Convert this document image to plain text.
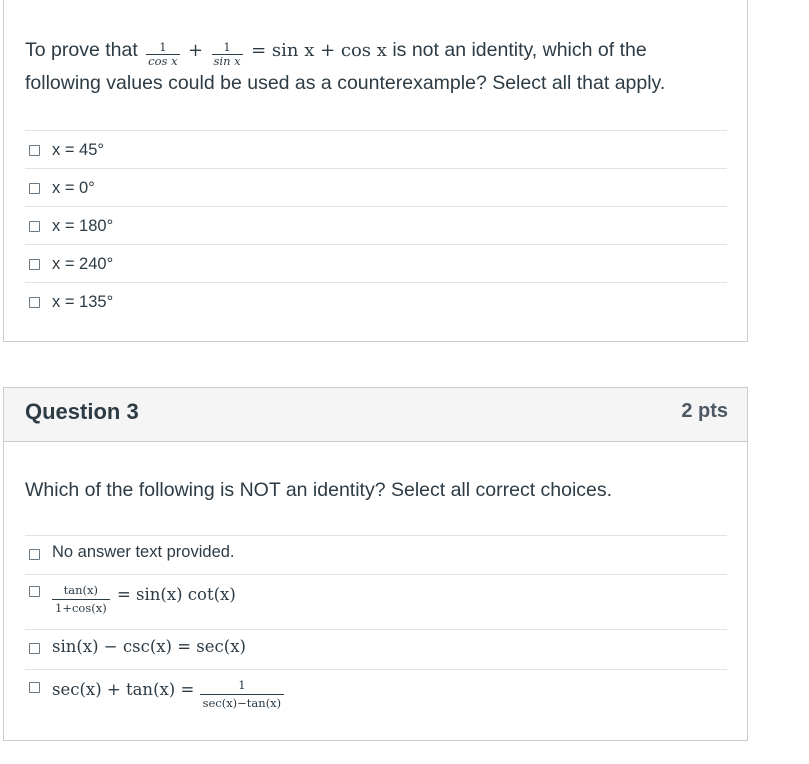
To prove that $\frac{1}{\text{cos x}} + \frac{1}{\text{sin x}} = \sin x + \cos x$ is not an identity, which of the
following values could be used as a counterexample? Select all that apply.
x = 45°
x = 0°
x = 180°
x = 240°
x = 135°
Question 3	2 pts
Which of the following is NOT an identity? Select all correct choices.
No answer text provided.
$\frac{\tan(x)}{1+\cos(x)} = \sin(x)$ cot(x)
sin(x) − csc(x) = sec(x)
$\sec(x) + \tan(x) = \frac{1}{\sec(x)-\tan(x)}$
